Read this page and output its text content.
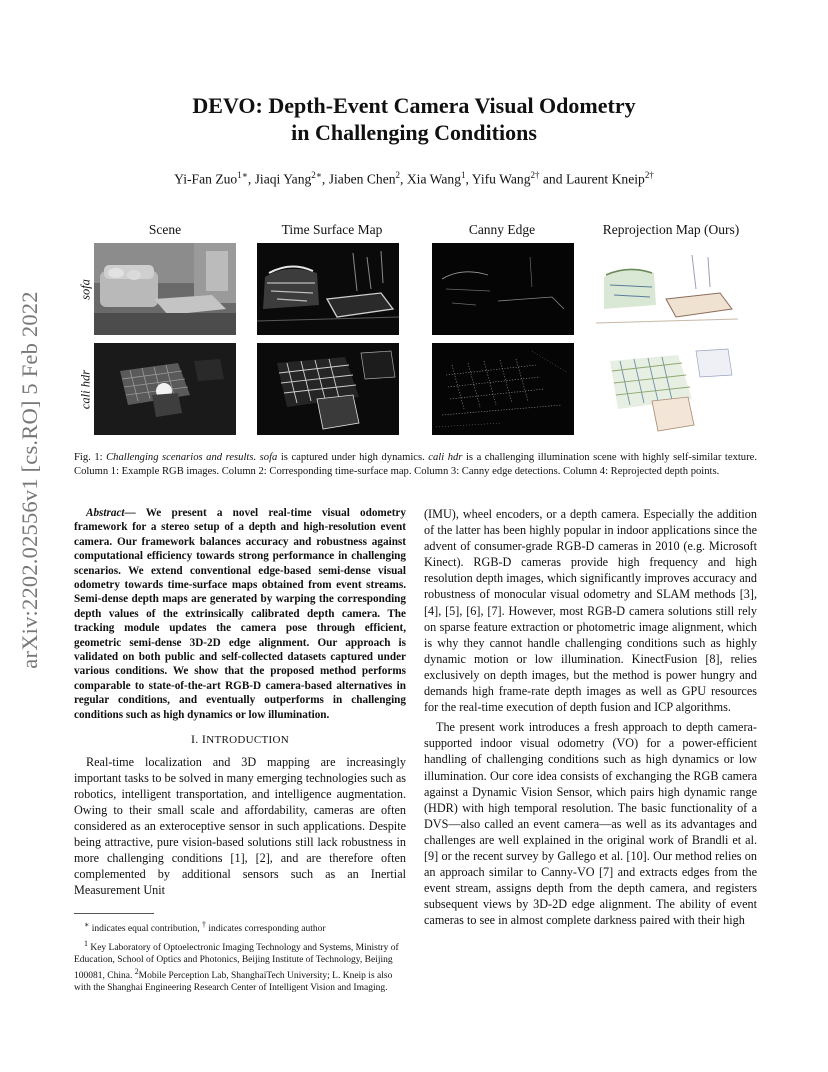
arXiv:2202.02556v1 [cs.RO] 5 Feb 2022
DEVO: Depth-Event Camera Visual Odometry
in Challenging Conditions
Yi-Fan Zuo$^{1∗}$, Jiaqi Yang$^{2∗}$, Jiaben Chen$^2$, Xia Wang$^1$, Yifu Wang$^{2\dagger}$ and Laurent Kneip$^{2\dagger}$
Scene	Time Surface Map	Canny Edge	Reprojection Map (Ours)
sofa
cali hdr
Fig. 1: Challenging scenarios and results. sofa is captured under high dynamics. cali hdr is a challenging illumination scene with highly self-similar texture. Column 1: Example RGB images. Column 2: Corresponding time-surface map. Column 3: Canny edge detections. Column 4: Reprojected depth points.
Abstract— We present a novel real-time visual odometry framework for a stereo setup of a depth and high-resolution event camera. Our framework balances accuracy and robustness against computational efficiency towards strong performance in challenging scenarios. We extend conventional edge-based semi-dense visual odometry towards time-surface maps obtained from event streams. Semi-dense depth maps are generated by warping the corresponding depth values of the extrinsically calibrated depth camera. The tracking module updates the camera pose through efficient, geometric semi-dense 3D-2D edge alignment. Our approach is validated on both public and self-collected datasets captured under various conditions. We show that the proposed method performs comparable to state-of-the-art RGB-D camera-based alternatives in regular conditions, and eventually outperforms in challenging conditions such as high dynamics or low illumination.
I. INTRODUCTION

Real-time localization and 3D mapping are increasingly important tasks to be solved in many emerging technologies such as robotics, intelligent transportation, and intelligence augmentation. Owing to their small scale and affordability, cameras are often considered as an exteroceptive sensor in such applications. Despite being attractive, pure vision-based solutions still lack robustness in more challenging conditions [1], [2], and are therefore often complemented by additional sensors such as an Inertial Measurement Unit

∗ indicates equal contribution, † indicates corresponding author

$^1$ Key Laboratory of Optoelectronic Imaging Technology and Systems, Ministry of Education, School of Optics and Photonics, Beijing Institute of Technology, Beijing 100081, China. $^2$Mobile Perception Lab, ShanghaiTech University; L. Kneip is also with the Shanghai Engineering Research Center of Intelligent Vision and Imaging.

(IMU), wheel encoders, or a depth camera. Especially the addition of the latter has been highly popular in indoor applications since the advent of consumer-grade RGB-D cameras in 2010 (e.g. Microsoft Kinect). RGB-D cameras provide high frequency and high resolution depth images, which significantly improves accuracy and robustness of monocular visual odometry and SLAM methods [3], [4], [5], [6], [7]. However, most RGB-D camera solutions still rely on sparse feature extraction or photometric image alignment, which is why they cannot handle challenging conditions such as highly dynamic motion or low illumination. KinectFusion [8], relies exclusively on depth images, but the method is power hungry and demands high frame-rate depth images as well as GPU resources for the real-time execution of depth fusion and ICP algorithms.

The present work introduces a fresh approach to depth camera-supported indoor visual odometry (VO) for a power-efficient handling of challenging conditions such as high dynamics or low illumination. Our core idea consists of exchanging the RGB camera against a Dynamic Vision Sensor, which pairs high dynamic range (HDR) with high temporal resolution. The basic functionality of a DVS—also called an event camera—as well as its advantages and challenges are well explained in the original work of Brandli et al. [9] or the recent survey by Gallego et al. [10]. Our method relies on an approach similar to Canny-VO [7] and extracts edges from the event stream, assigns depth from the depth camera, and registers subsequent views by 3D-2D edge alignment. The ability of event cameras to see in almost complete darkness paired with their high
